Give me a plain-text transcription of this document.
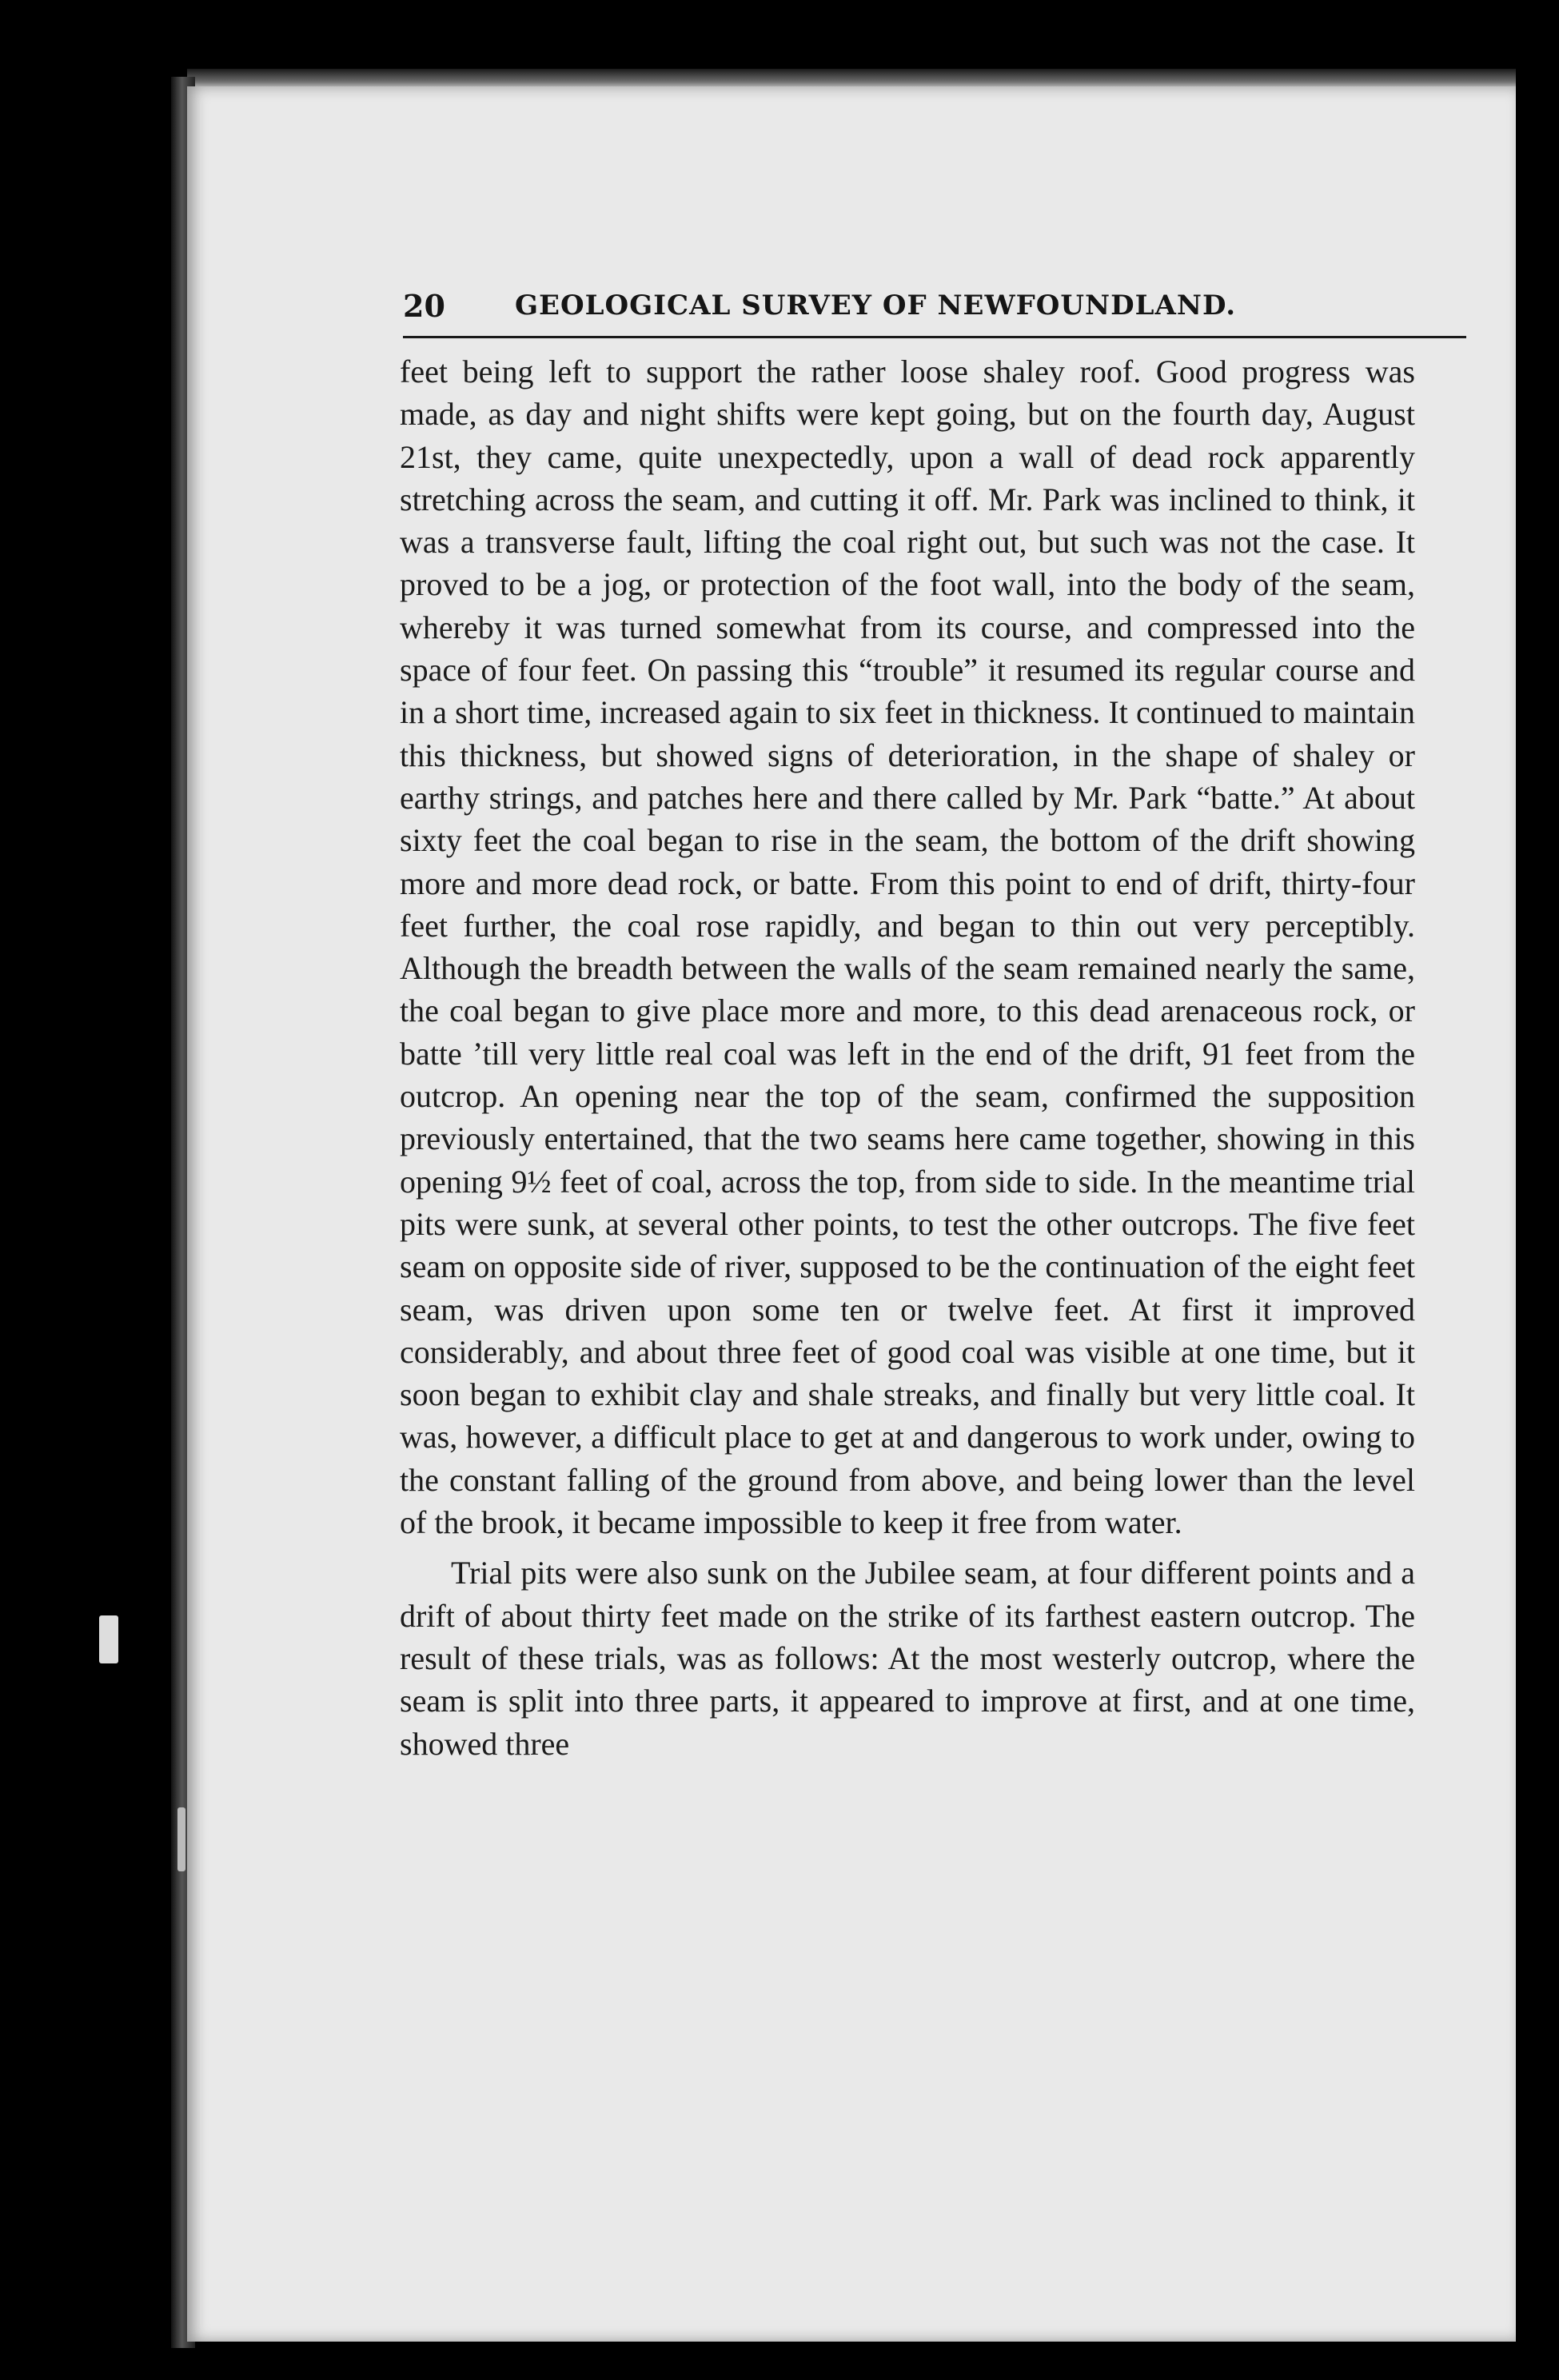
20	GEOLOGICAL SURVEY OF NEWFOUNDLAND.

feet being left to support the rather loose shaley roof. Good progress was made, as day and night shifts were kept going, but on the fourth day, August 21st, they came, quite unexpectedly, upon a wall of dead rock apparently stretching across the seam, and cutting it off. Mr. Park was inclined to think, it was a transverse fault, lifting the coal right out, but such was not the case. It proved to be a jog, or protection of the foot wall, into the body of the seam, whereby it was turned somewhat from its course, and compressed into the space of four feet. On passing this “trouble” it resumed its regular course and in a short time, increased again to six feet in thickness. It continued to maintain this thickness, but showed signs of deterioration, in the shape of shaley or earthy strings, and patches here and there called by Mr. Park “batte.” At about sixty feet the coal began to rise in the seam, the bottom of the drift showing more and more dead rock, or batte. From this point to end of drift, thirty-four feet further, the coal rose rapidly, and began to thin out very perceptibly. Although the breadth between the walls of the seam remained nearly the same, the coal began to give place more and more, to this dead arenaceous rock, or batte ’till very little real coal was left in the end of the drift, 91 feet from the outcrop. An opening near the top of the seam, confirmed the supposition previously entertained, that the two seams here came together, showing in this opening 9½ feet of coal, across the top, from side to side. In the meantime trial pits were sunk, at several other points, to test the other outcrops. The five feet seam on opposite side of river, supposed to be the continuation of the eight feet seam, was driven upon some ten or twelve feet. At first it improved considerably, and about three feet of good coal was visible at one time, but it soon began to exhibit clay and shale streaks, and finally but very little coal. It was, however, a difficult place to get at and dangerous to work under, owing to the constant falling of the ground from above, and being lower than the level of the brook, it became impossible to keep it free from water.

Trial pits were also sunk on the Jubilee seam, at four different points and a drift of about thirty feet made on the strike of its farthest eastern outcrop. The result of these trials, was as follows: At the most westerly outcrop, where the seam is split into three parts, it appeared to improve at first, and at one time, showed three
